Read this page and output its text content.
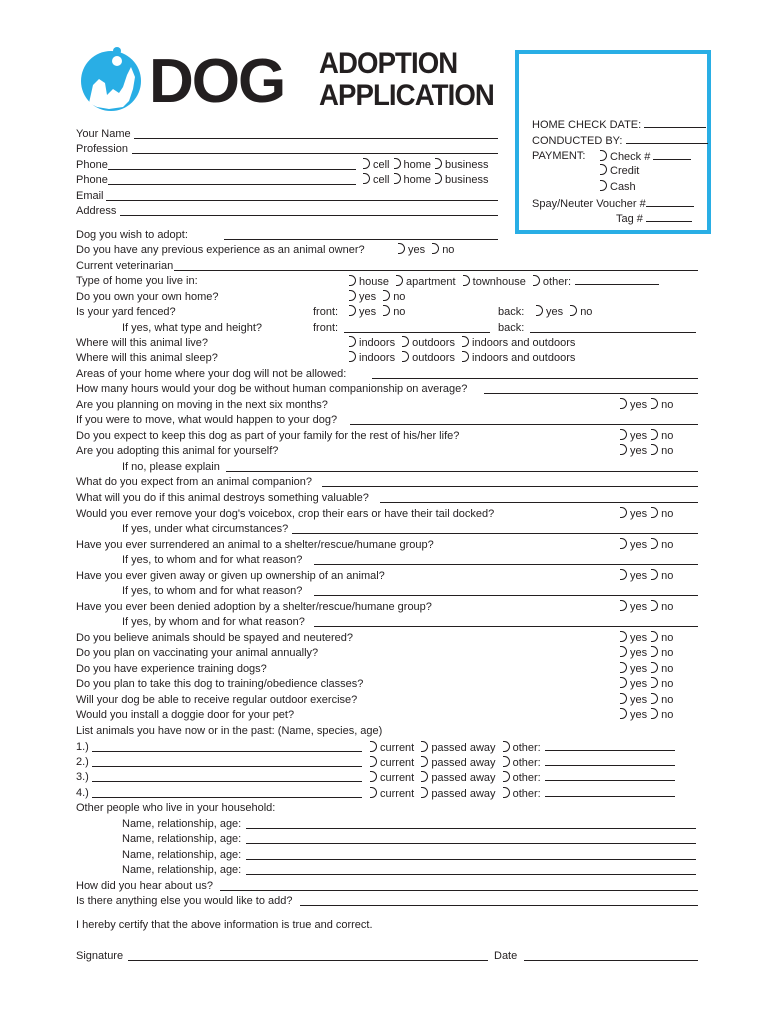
DOG ADOPTION
APPLICATION
HOME CHECK DATE:
CONDUCTED BY:
PAYMENT:	Check #
Credit
Cash
Spay/Neuter Voucher #
Tag #
Your Name
Profession
Phone	cell home business
Phone	cell home business
Email
Address
Dog you wish to adopt:
Do you have any previous experience as an animal owner?	yes no
Current veterinarian
Type of home you live in:	house apartment townhouse other:
Do you own your own home?	yes no
Is your yard fenced?	front:	yes no	back:	yes no
If yes, what type and height?	front:	back:
Where will this animal live?	indoors outdoors indoors and outdoors
Where will this animal sleep?	indoors outdoors indoors and outdoors
Areas of your home where your dog will not be allowed:
How many hours would your dog be without human companionship on average?
Are you planning on moving in the next six months?	yes no
If you were to move, what would happen to your dog?
Do you expect to keep this dog as part of your family for the rest of his/her life?	yes no
Are you adopting this animal for yourself?	yes no
If no, please explain
What do you expect from an animal companion?
What will you do if this animal destroys something valuable?
Would you ever remove your dog's voicebox, crop their ears or have their tail docked?	yes no
If yes, under what circumstances?
Have you ever surrendered an animal to a shelter/rescue/humane group?	yes no
If yes, to whom and for what reason?
Have you ever given away or given up ownership of an animal?	yes no
If yes, to whom and for what reason?
Have you ever been denied adoption by a shelter/rescue/humane group?	yes no
If yes, by whom and for what reason?
Do you believe animals should be spayed and neutered?	yes no
Do you plan on vaccinating your animal annually?	yes no
Do you have experience training dogs?	yes no
Do you plan to take this dog to training/obedience classes?	yes no
Will your dog be able to receive regular outdoor exercise?	yes no
Would you install a doggie door for your pet?	yes no
List animals you have now or in the past: (Name, species, age)
1.)	current passed away other:
2.)	current passed away other:
3.)	current passed away other:
4.)	current passed away other:
Other people who live in your household:
Name, relationship, age:
Name, relationship, age:
Name, relationship, age:
Name, relationship, age:
How did you hear about us?
Is there anything else you would like to add?
I hereby certify that the above information is true and correct.
Signature	Date
